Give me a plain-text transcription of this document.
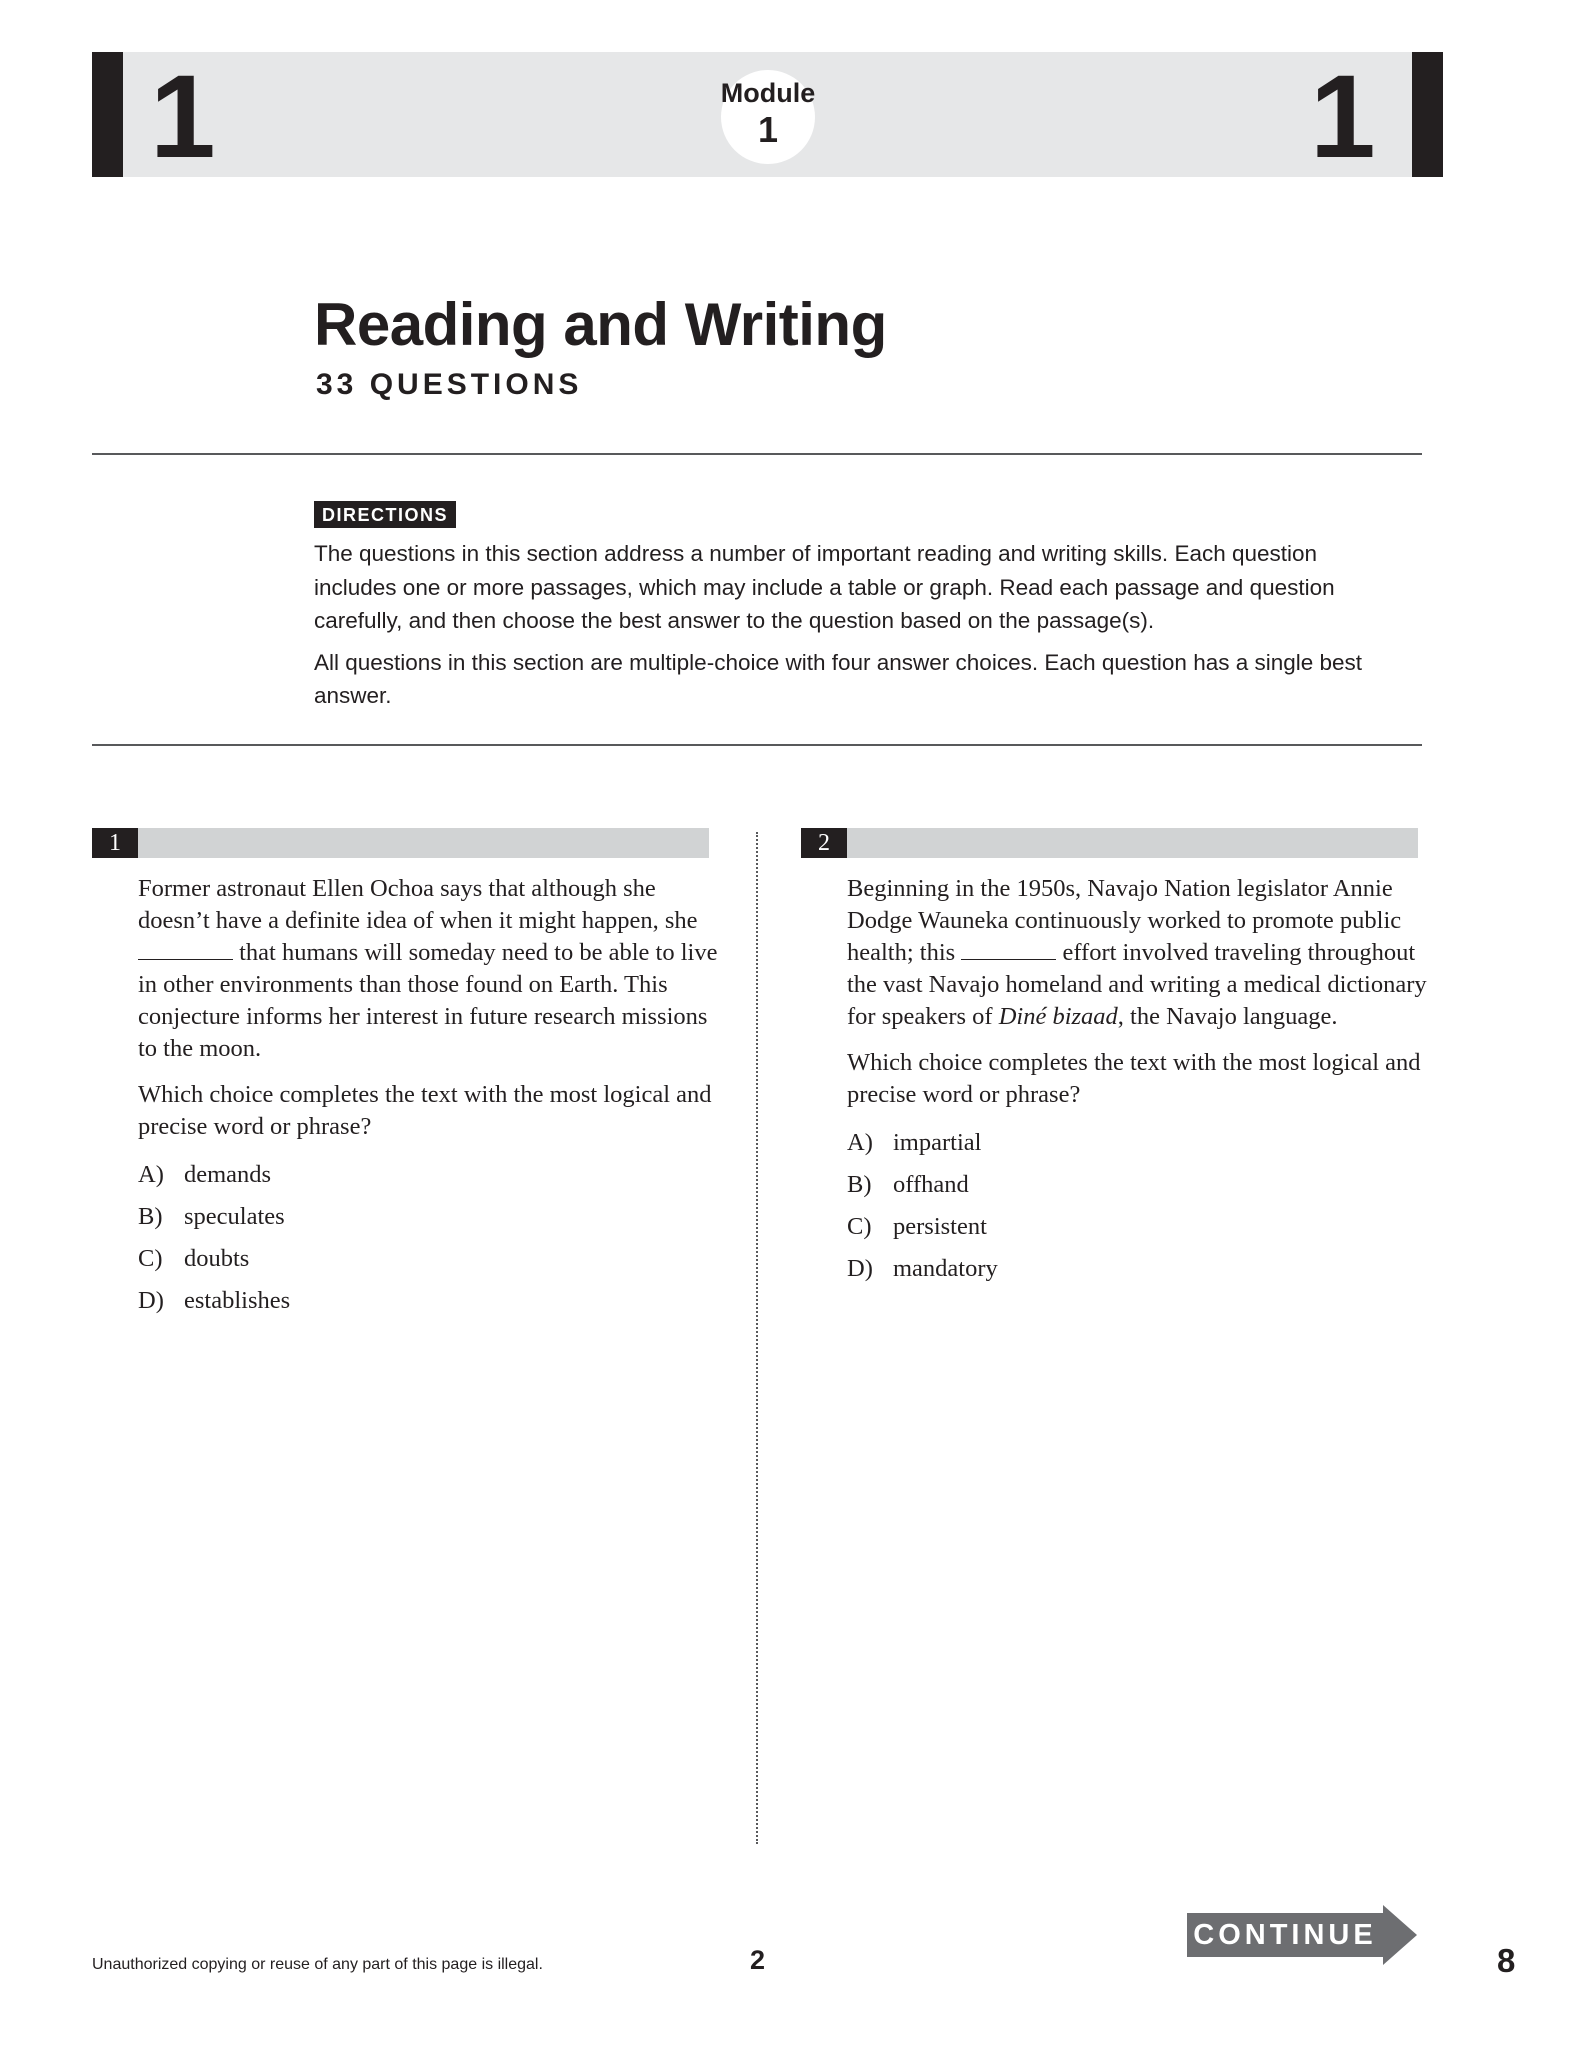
1	1
Module
1
Reading and Writing
33 QUESTIONS
DIRECTIONS

The questions in this section address a number of important reading and writing skills. Each question includes one or more passages, which may include a table or graph. Read each passage and question carefully, and then choose the best answer to the question based on the passage(s).

All questions in this section are multiple-choice with four answer choices. Each question has a single best answer.

1

Former astronaut Ellen Ochoa says that although she doesn’t have a definite idea of when it might happen, she  that humans will someday need to be able to live in other environments than those found on Earth. This conjecture informs her interest in future research missions to the moon.

Which choice completes the text with the most logical and precise word or phrase?

A) demands
B) speculates
C) doubts
D) establishes
2

Beginning in the 1950s, Navajo Nation legislator Annie Dodge Wauneka continuously worked to promote public health; this	effort involved traveling throughout the vast Navajo homeland and writing a medical dictionary for speakers of Diné bizaad, the Navajo language.

Which choice completes the text with the most logical and precise word or phrase?

A) impartial
B) offhand
C) persistent
D) mandatory
Unauthorized copying or reuse of any part of this page is illegal.	2
CONTINUE
8
